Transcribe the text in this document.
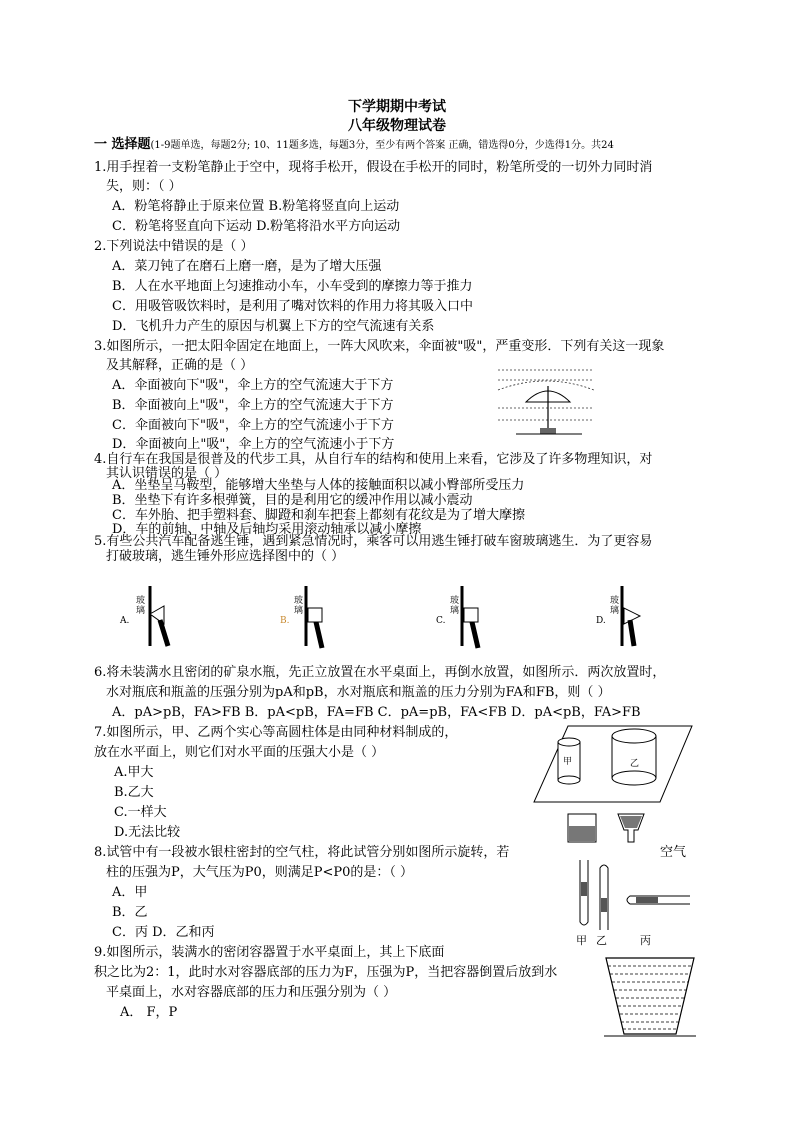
下学期期中考试
八年级物理试卷
一 选择题(1-9题单选，每题2分; 10、11题多选，每题3分，至少有两个答案 正确，错选得0分，少选得1分。共24
1.用手捏着一支粉笔静止于空中，现将手松开，假设在手松开的同时，粉笔所受的一切外力同时消
失，则：（ ）
A．粉笔将静止于原来位置 B.粉笔将竖直向上运动
C．粉笔将竖直向下运动 D.粉笔将沿水平方向运动
2.下列说法中错误的是（ ）
A．菜刀钝了在磨石上磨一磨，是为了增大压强
B．人在水平地面上匀速推动小车，小车受到的摩擦力等于推力
C．用吸管吸饮料时，是利用了嘴对饮料的作用力将其吸入口中
D．飞机升力产生的原因与机翼上下方的空气流速有关系
3.如图所示，一把太阳伞固定在地面上，一阵大风吹来，伞面被"吸"，严重变形．下列有关这一现象
及其解释，正确的是（ ）
A．伞面被向下"吸"，伞上方的空气流速大于下方
B．伞面被向上"吸"，伞上方的空气流速大于下方
C．伞面被向下"吸"，伞上方的空气流速小于下方
D．伞面被向上"吸"，伞上方的空气流速小于下方
4.自行车在我国是很普及的代步工具，从自行车的结构和使用上来看，它涉及了许多物理知识，对
其认识错误的是（ ）
A．坐垫呈马鞍型，能够增大坐垫与人体的接触面积以减小臀部所受压力
B．坐垫下有许多根弹簧，目的是利用它的缓冲作用以减小震动
C．车外胎、把手塑料套、脚蹬和刹车把套上都刻有花纹是为了增大摩擦
D．车的前轴、中轴及后轴均采用滚动轴承以减小摩擦
5.有些公共汽车配备逃生锤，遇到紧急情况时，乘客可以用逃生锤打破车窗玻璃逃生．为了更容易
打破玻璃，逃生锤外形应选择图中的（ ）
玻璃
A.
玻璃
B.
玻璃
C.
玻璃
D.
6.将未装满水且密闭的矿泉水瓶，先正立放置在水平桌面上，再倒水放置，如图所示．两次放置时，
水对瓶底和瓶盖的压强分别为pA和pB，水对瓶底和瓶盖的压力分别为FA和FB，则（ ）
A．pA>pB，FA>FB B．pA<pB，FA=FB C．pA=pB，FA<FB D．pA<pB，FA>FB
7.如图所示，甲、乙两个实心等高圆柱体是由同种材料制成的，
放在水平面上，则它们对水平面的压强大小是（ ）
A.甲大
B.乙大
C.一样大
D.无法比较
甲	乙
8.试管中有一段被水银柱密封的空气柱，将此试管分别如图所示旋转，若	空气
柱的压强为P，大气压为P0，则满足P<P0的是：（ ）
A．甲
B．乙
C．丙 D．乙和丙
甲 乙	丙
9.如图所示，装满水的密闭容器置于水平桌面上，其上下底面
积之比为2：1，此时水对容器底部的压力为F，压强为P，当把容器倒置后放到水
平桌面上，水对容器底部的压力和压强分别为（ ）
A． F，P
